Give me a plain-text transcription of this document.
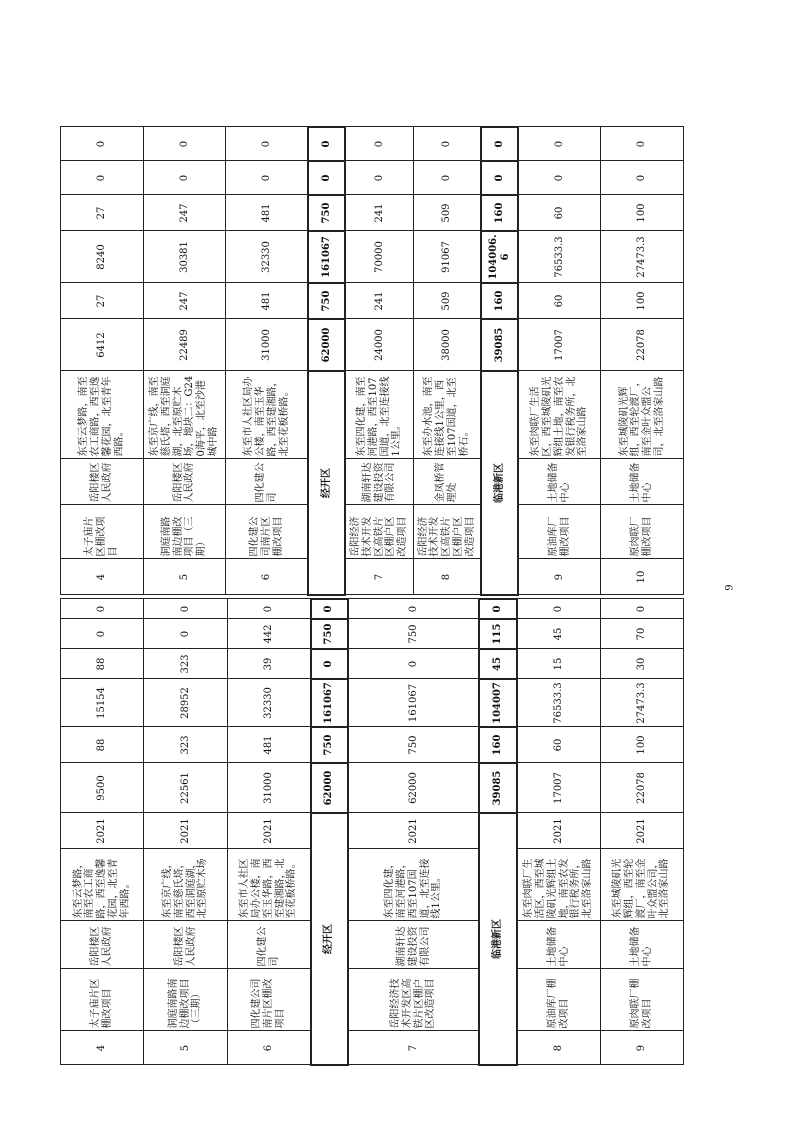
4	太子庙片区棚改项目	岳阳楼区人民政府	东至云梦路，南至农工商路，西至逸馨花园，北至青年西路。	2021	9500	88	15154	88	0	0
5	洞庭南路南边棚改项目（三期）	岳阳楼区人民政府	东至京广线，南至慈氏塔，西至洞庭湖，北至原贮木场	2021	22561	323	28952	323	0	0
6	四化建公司南片区棚改项目	四化建公司	东至市人社区局办公楼，南至玉华路，西至建湘路，北至花板桥路。	2021	31000	481	32330	39	442	0
经开区					62000	750	161067	0	750	0
7	岳阳经济技术开发区高铁片区棚户区改造项目	湖南轩达建设投资有限公司	东至四化建，南至河港路，西至107国道，北至连接线1公里。	2021	62000	750	161067	0	750	0
临港新区					39085	160	104007	45	115	0
8	原油库厂棚改项目	土地储备中心	东至肉联厂生活区，西至城陵矶光辉组土地，南至农发银行税务所，北至洛家山路	2021	17007	60	76533.3	15	45	0
9	原肉联厂棚改项目	土地储备中心	东至城陵矶光辉组，西至轮渡厂，南至金叶众盟公司，北至洛家山路	2021	22078	100	27473.3	30	70	0
4	太子庙片区棚改项目	岳阳楼区人民政府	东至云梦路，南至农工商路，西至逸馨花园，北至青年西路。	6412	27	8240	27	0	0
5	洞庭南路南边棚改项目（三期）	岳阳楼区人民政府	东至京广线，南至慈氏塔，西至洞庭湖，北至原贮木场，地块二：G240海平，北至沙港城中路	22489	247	30381	247	0	0
6	四化建公司南片区棚改项目	四化建公司	东至市人社区局办公楼，南至玉华路，西至建湘路，北至花板桥路。	31000	481	32330	481	0	0
经开区				62000	750	161067	750	0	0
7	岳阳经济技术开发区高铁片区棚户区改造项目	湖南轩达建设投资有限公司	东至四化建，南至河港路，西至107国道，北至连接线1公里。	24000	241	70000	241	0	0
8	岳阳经济技术开发区高铁片区棚户区改造项目	金凤桥管理处	东至办水池，南至连接线1公里，西至107国道，北至桥石。	38000	509	91067	509	0	0
临港新区				39085	160	104006.6	160	0	0
9	原油库厂棚改项目	土地储备中心	东至肉联厂生活区，西至城陵矶光辉组土地，南至农发银行税务所，北至洛家山路	17007	60	76533.3	60	0	0
10	原肉联厂棚改项目	土地储备中心	东至城陵矶光辉组，西至轮渡厂，南至金叶众盟公司，北至洛家山路	22078	100	27473.3	100	0	0
9
